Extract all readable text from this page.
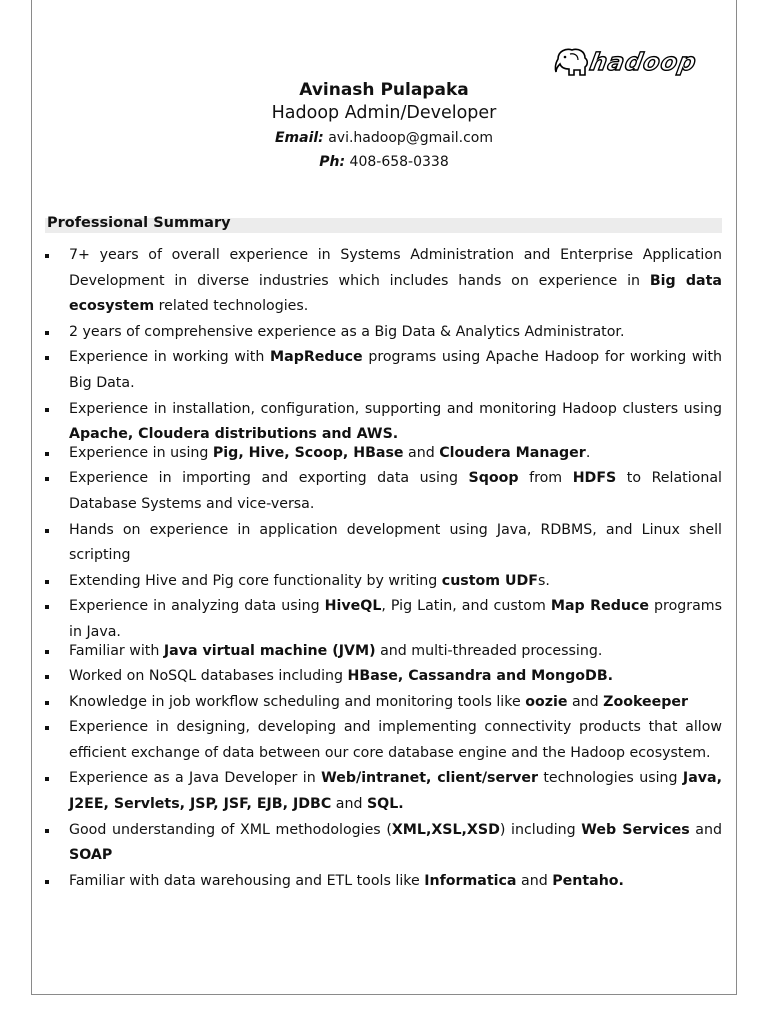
hadoop
Avinash Pulapaka
Hadoop Admin/Developer
Email: avi.hadoop@gmail.com
Ph: 408-658-0338
Professional Summary
7+ years of overall experience in Systems Administration and Enterprise Application Development in diverse industries which includes hands on experience in Big data ecosystem related technologies.
2 years of comprehensive experience as a Big Data & Analytics Administrator.
Experience in working with MapReduce programs using Apache Hadoop for working with Big Data.
Experience in installation, configuration, supporting and monitoring Hadoop clusters using Apache, Cloudera distributions and AWS.
Experience in using Pig, Hive, Scoop, HBase and Cloudera Manager.
Experience in importing and exporting data using Sqoop from HDFS to Relational Database Systems and vice-versa.
Hands on experience in application development using Java, RDBMS, and Linux shell scripting
Extending Hive and Pig core functionality by writing custom UDFs.
Experience in analyzing data using HiveQL, Pig Latin, and custom Map Reduce programs in Java.
Familiar with Java virtual machine (JVM) and multi-threaded processing.
Worked on NoSQL databases including HBase, Cassandra and MongoDB.
Knowledge in job workflow scheduling and monitoring tools like oozie and Zookeeper
Experience in designing, developing and implementing connectivity products that allow efficient exchange of data between our core database engine and the Hadoop ecosystem.
Experience as a Java Developer in Web/intranet, client/server technologies using Java, J2EE, Servlets, JSP, JSF, EJB, JDBC and SQL.
Good understanding of XML methodologies (XML,XSL,XSD) including Web Services and SOAP
Familiar with data warehousing and ETL tools like Informatica and Pentaho.
